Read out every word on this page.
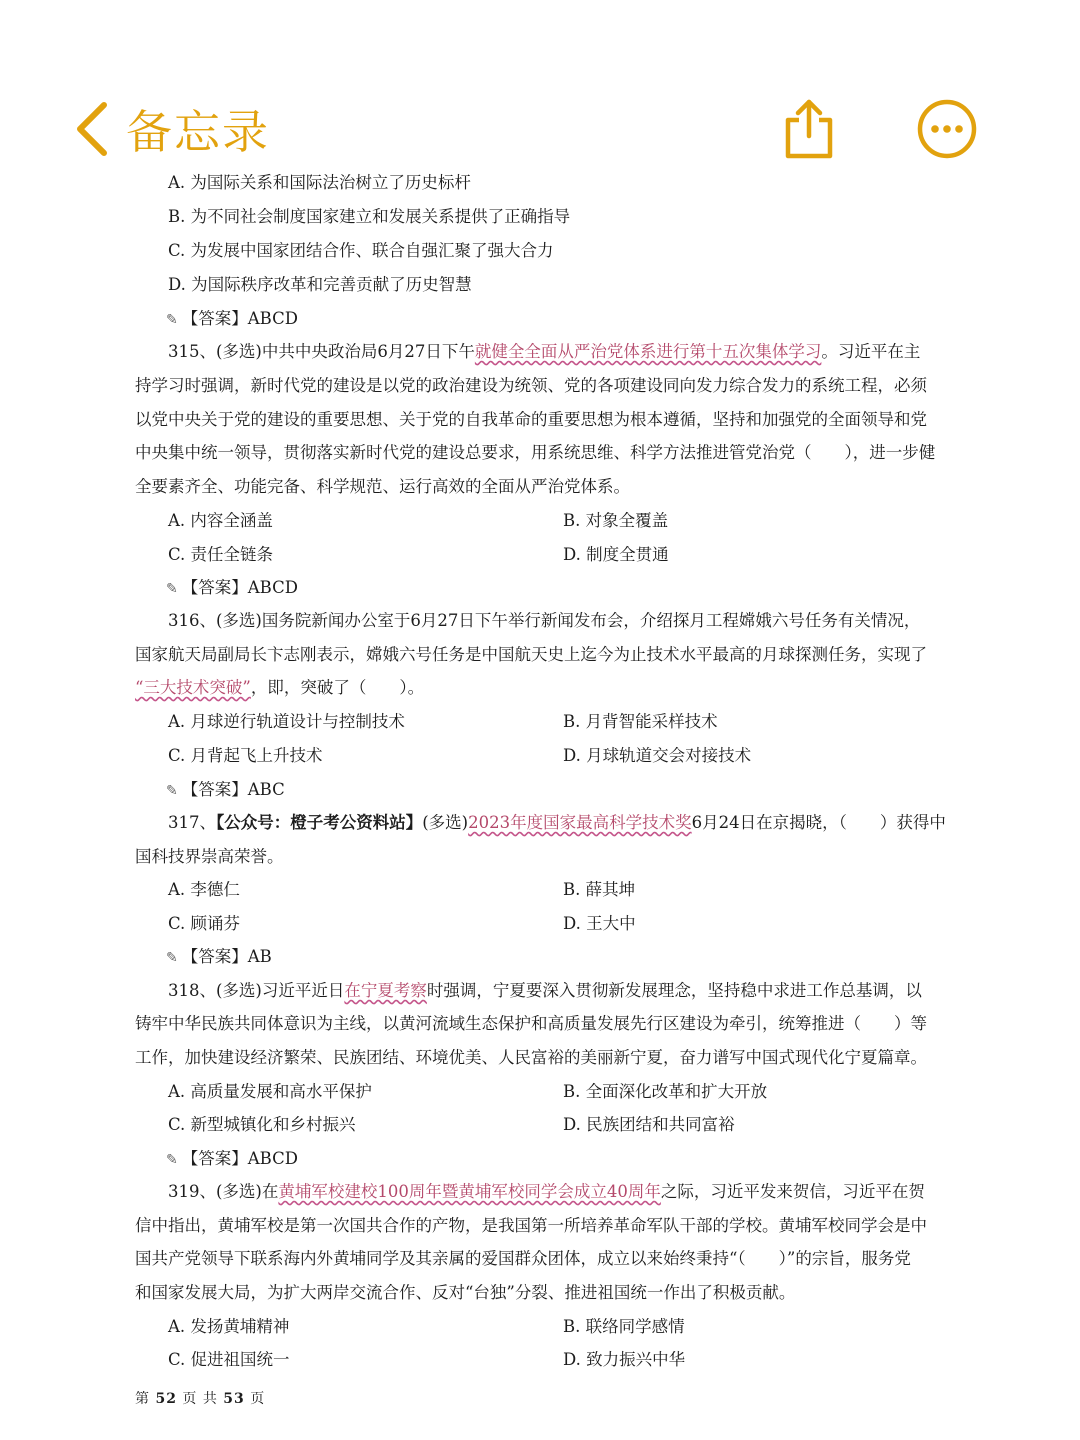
A. 为国际关系和国际法治树立了历史标杆
B. 为不同社会制度国家建立和发展关系提供了正确指导
C. 为发展中国家团结合作、联合自强汇聚了强大合力
D. 为国际秩序改革和完善贡献了历史智慧
✎ 【答案】ABCD
315、(多选)中共中央政治局6月27日下午就健全全面从严治党体系进行第十五次集体学习。习近平在主
持学习时强调，新时代党的建设是以党的政治建设为统领、党的各项建设同向发力综合发力的系统工程，必须
以党中央关于党的建设的重要思想、关于党的自我革命的重要思想为根本遵循，坚持和加强党的全面领导和党
中央集中统一领导，贯彻落实新时代党的建设总要求，用系统思维、科学方法推进管党治党（　　），进一步健
全要素齐全、功能完备、科学规范、运行高效的全面从严治党体系。
A. 内容全涵盖	B. 对象全覆盖
C. 责任全链条	D. 制度全贯通
✎ 【答案】ABCD
316、(多选)国务院新闻办公室于6月27日下午举行新闻发布会，介绍探月工程嫦娥六号任务有关情况，
国家航天局副局长卞志刚表示，嫦娥六号任务是中国航天史上迄今为止技术水平最高的月球探测任务，实现了
“三大技术突破”，即，突破了（　　）。
A. 月球逆行轨道设计与控制技术	B. 月背智能采样技术
C. 月背起飞上升技术	D. 月球轨道交会对接技术
✎ 【答案】ABC
317、【公众号：橙子考公资料站】(多选)2023年度国家最高科学技术奖6月24日在京揭晓，（　　）获得中
国科技界崇高荣誉。
A. 李德仁	B. 薛其坤
C. 顾诵芬	D. 王大中
✎ 【答案】AB
318、(多选)习近平近日在宁夏考察时强调，宁夏要深入贯彻新发展理念，坚持稳中求进工作总基调，以
铸牢中华民族共同体意识为主线，以黄河流域生态保护和高质量发展先行区建设为牵引，统筹推进（　　）等
工作，加快建设经济繁荣、民族团结、环境优美、人民富裕的美丽新宁夏，奋力谱写中国式现代化宁夏篇章。
A. 高质量发展和高水平保护	B. 全面深化改革和扩大开放
C. 新型城镇化和乡村振兴	D. 民族团结和共同富裕
✎ 【答案】ABCD
319、(多选)在黄埔军校建校100周年暨黄埔军校同学会成立40周年之际，习近平发来贺信，习近平在贺
信中指出，黄埔军校是第一次国共合作的产物，是我国第一所培养革命军队干部的学校。黄埔军校同学会是中
国共产党领导下联系海内外黄埔同学及其亲属的爱国群众团体，成立以来始终秉持“（　　）”的宗旨，服务党
和国家发展大局，为扩大两岸交流合作、反对“台独”分裂、推进祖国统一作出了积极贡献。
A. 发扬黄埔精神	B. 联络同学感情
C. 促进祖国统一	D. 致力振兴中华
第 52 页 共 53 页
备忘录
